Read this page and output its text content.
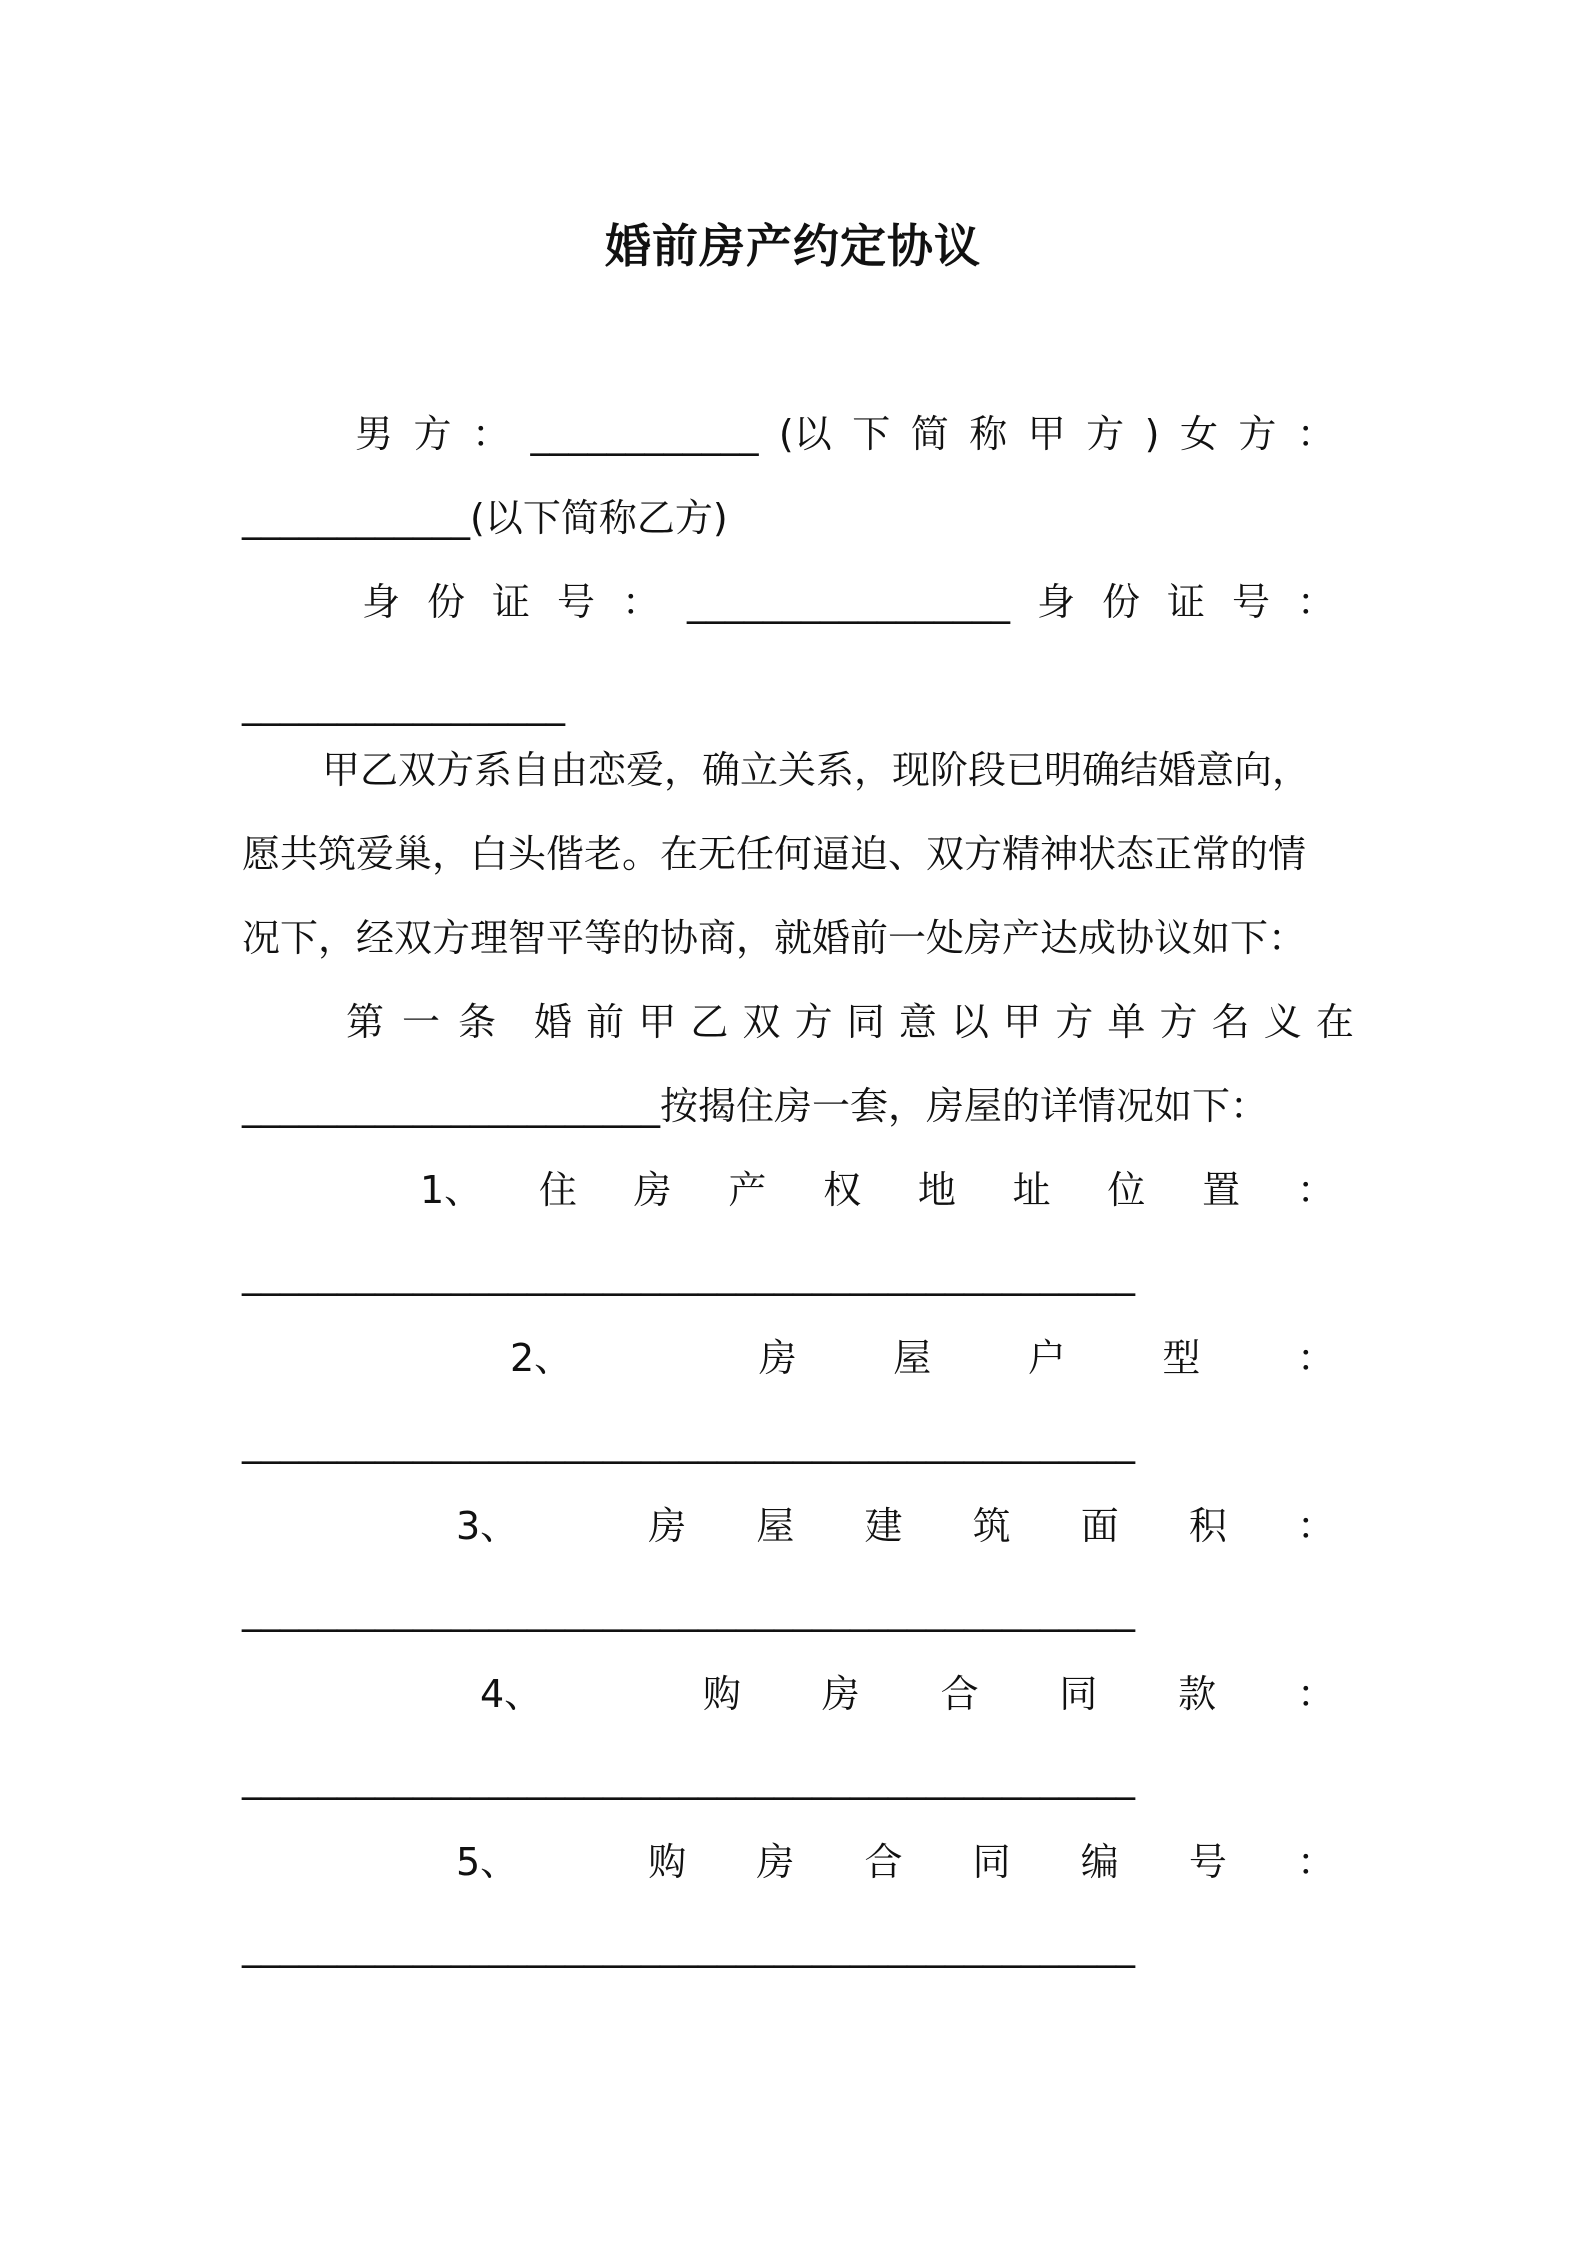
婚前房产约定协议
男 方 ： ____________ (以 下 简 称 甲 方 ) 女 方 ：
____________(以下简称乙方)
身 份 证 号 ： _________________ 身 份 证 号 ：
_________________
甲乙双方系自由恋爱，确立关系，现阶段已明确结婚意向，
愿共筑爱巢，白头偕老。在无任何逼迫、双方精神状态正常的情
况下，经双方理智平等的协商，就婚前一处房产达成协议如下：
第 一 条 婚 前 甲 乙 双 方 同 意 以 甲 方 单 方 名 义 在
______________________按揭住房一套，房屋的详情况如下：
1、 住 房 产 权 地 址 位 置 ：
_______________________________________________
2、	房	屋	户	型	：
_______________________________________________
3、	房 屋 建 筑 面 积 ：
_______________________________________________
4、	购 房 合 同 款 ：
_______________________________________________
5、	购 房 合 同 编 号 ：
_______________________________________________
